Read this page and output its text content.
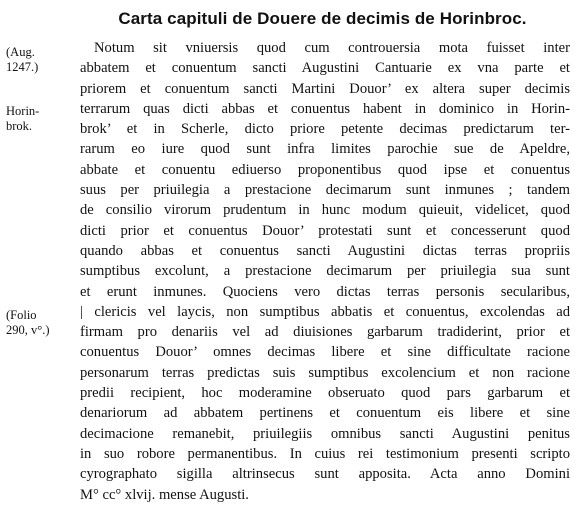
Carta capituli de Douere de decimis de Horinbroc.
(Aug.
1247.)
Horin-
brok.
(Folio
290, v°.)
Notum sit vniuersis quod cum controuersia mota fuisset inter
abbatem et conuentum sancti Augustini Cantuarie ex vna parte et
priorem et conuentum sancti Martini Douor’ ex altera super decimis
terrarum quas dicti abbas et conuentus habent in dominico in Horin-
brok’ et in Scherle, dicto priore petente decimas predictarum ter-
rarum eo iure quod sunt infra limites parochie sue de Apeldre,
abbate et conuentu ediuerso proponentibus quod ipse et conuentus
suus per priuilegia a prestacione decimarum sunt inmunes ; tandem
de consilio virorum prudentum in hunc modum quieuit, videlicet, quod
dicti prior et conuentus Douor’ protestati sunt et concesserunt quod
quando abbas et conuentus sancti Augustini dictas terras propriis
sumptibus excolunt, a prestacione decimarum per priuilegia sua sunt
et erunt inmunes. Quociens vero dictas terras personis secularibus,
| clericis vel laycis, non sumptibus abbatis et conuentus, excolendas ad
firmam pro denariis vel ad diuisiones garbarum tradiderint, prior et
conuentus Douor’ omnes decimas libere et sine difficultate racione
personarum terras predictas suis sumptibus excolencium et non racione
predii recipient, hoc moderamine obseruato quod pars garbarum et
denariorum ad abbatem pertinens et conuentum eis libere et sine
decimacione remanebit, priuilegiis omnibus sancti Augustini penitus
in suo robore permanentibus. In cuius rei testimonium presenti scripto
cyrographato sigilla altrinsecus sunt apposita. Acta anno Domini
M° cc° xlvij. mense Augusti.
